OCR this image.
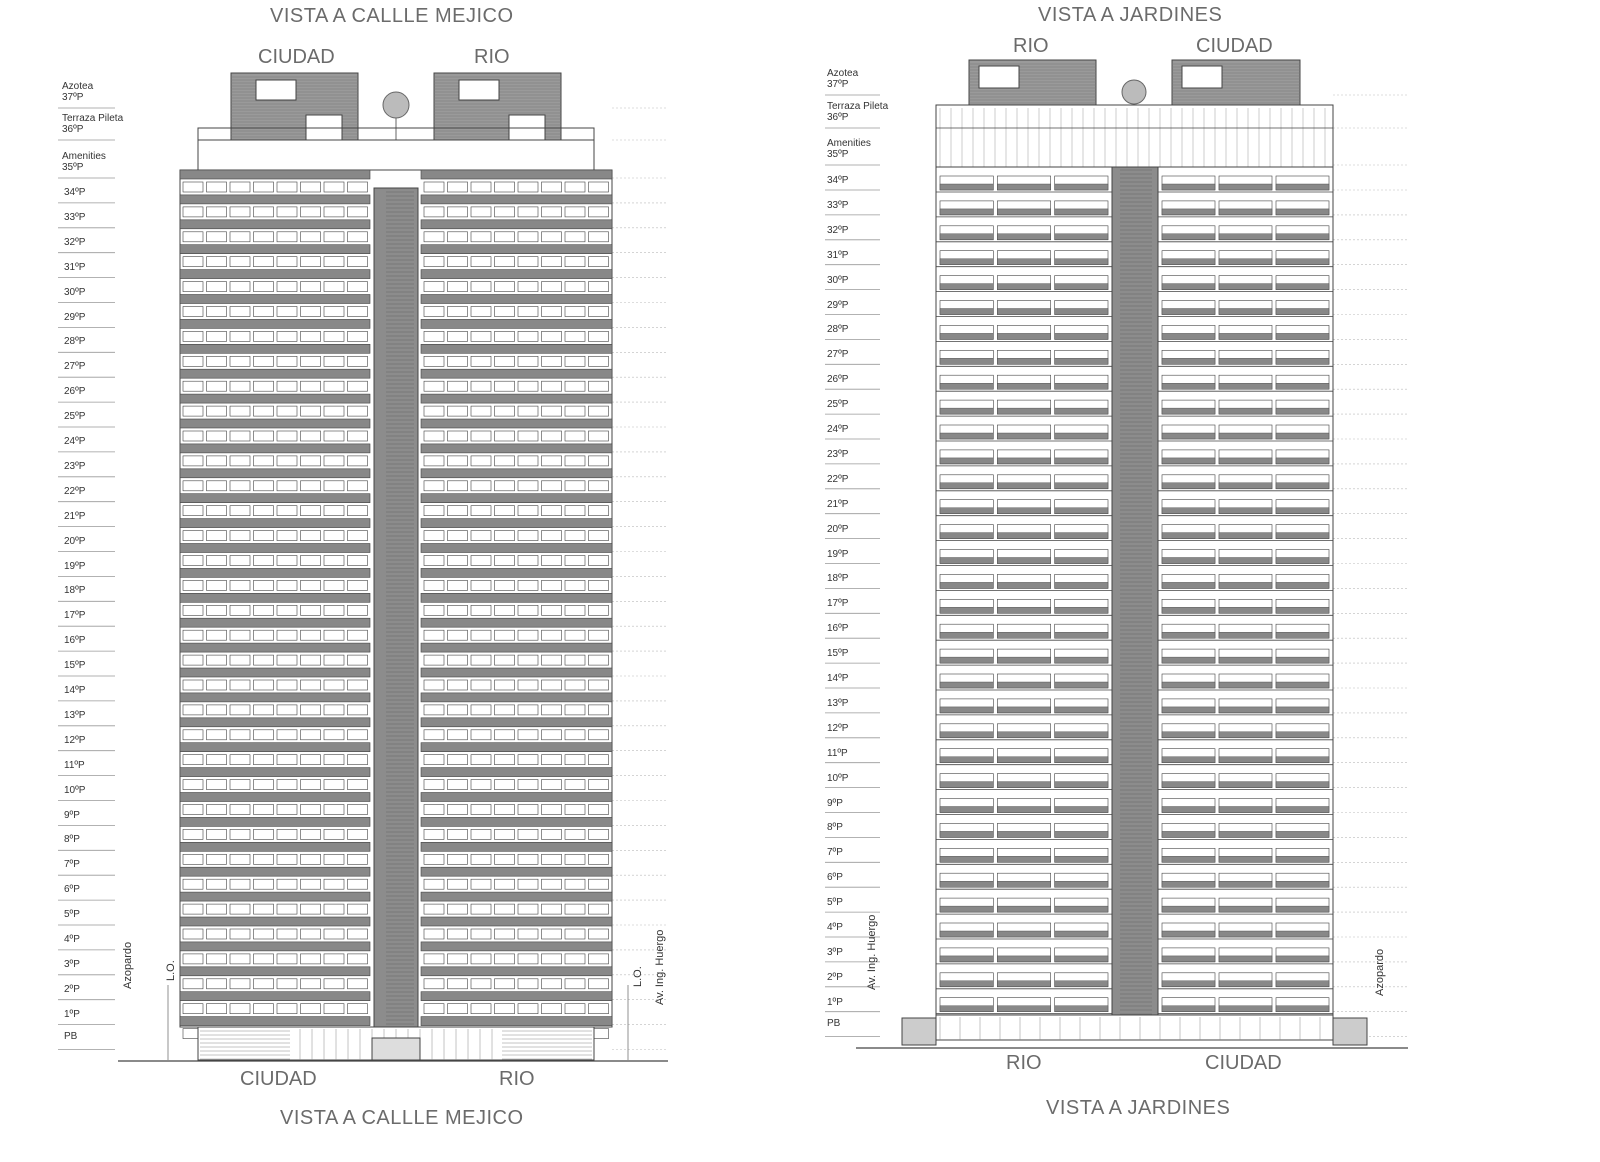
VISTA A CALLLE MEJICO
CIUDAD	RIO
Azotea
37ºP
Terraza Pileta
36ºP
Amenities
35ºP
34ºP
33ºP
32ºP
31ºP
30ºP
29ºP
28ºP
27ºP
26ºP
25ºP
24ºP
23ºP
22ºP
21ºP
20ºP
19ºP
18ºP
17ºP
16ºP
15ºP
14ºP
13ºP
12ºP
11ºP
10ºP
9ºP
8ºP
7ºP
6ºP
5ºP
4ºP
3ºP
2ºP
1ºP
PB
Azopardo	L.O.	L.O. Av. Ing. Huergo
CIUDAD	RIO
VISTA A CALLLE MEJICO
VISTA A JARDINES
RIO	CIUDAD
Azotea
37ºP
Terraza Pileta
36ºP
Amenities
35ºP
34ºP
33ºP
32ºP
31ºP
30ºP
29ºP
28ºP
27ºP
26ºP
25ºP
24ºP
23ºP
22ºP
21ºP
20ºP
19ºP
18ºP
17ºP
16ºP
15ºP
14ºP
13ºP
12ºP
11ºP
10ºP
9ºP
8ºP
7ºP
6ºP
5ºP
4ºP
3ºP
2ºP
1ºP
PB
Av. Ing. Huergo	Azopardo
RIO	CIUDAD
VISTA A JARDINES
